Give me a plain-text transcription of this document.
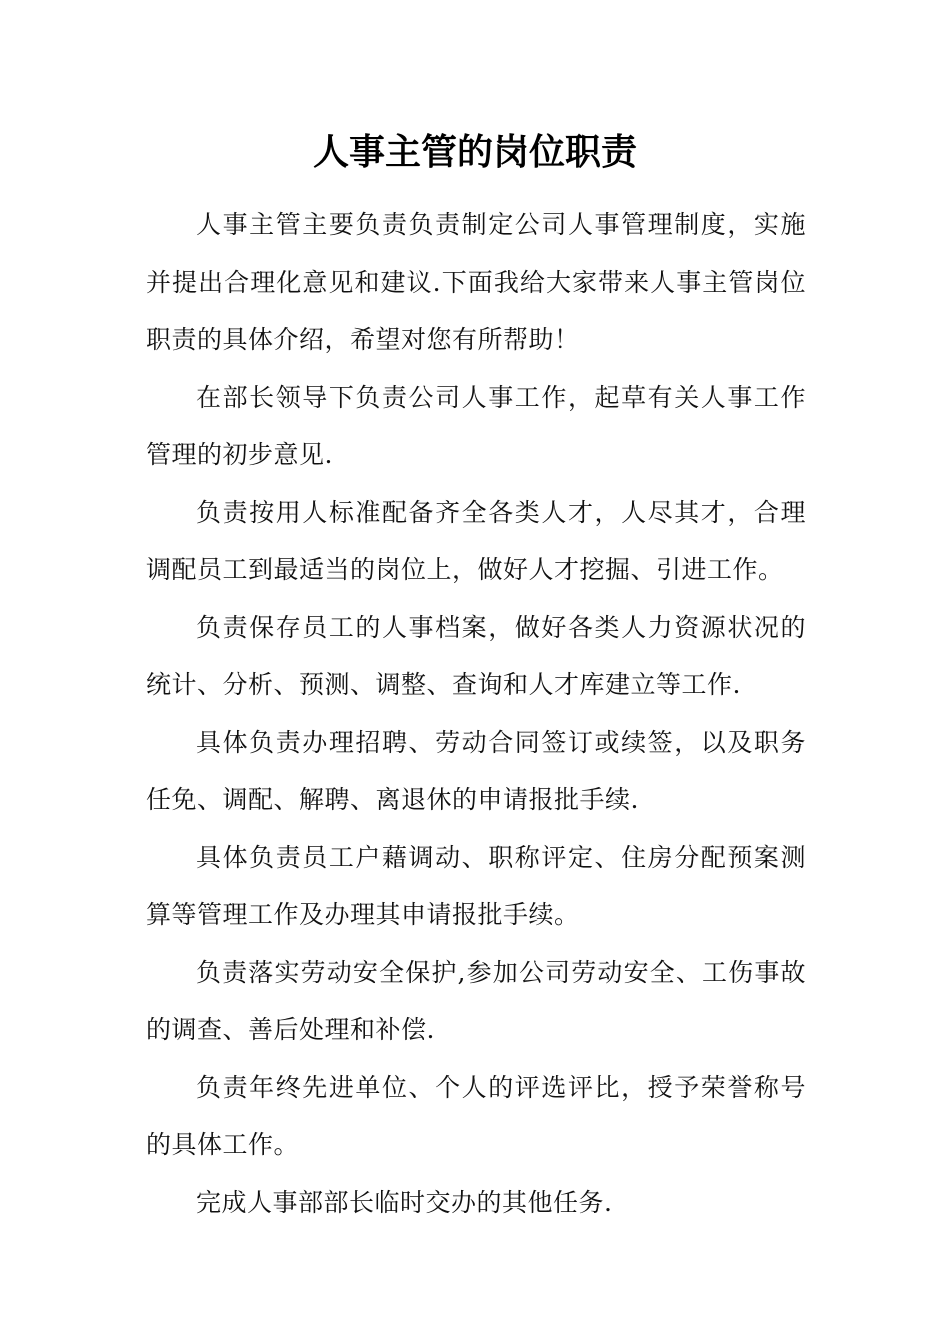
人事主管的岗位职责

人事主管主要负责负责制定公司人事管理制度，实施并提出合理化意见和建议.下面我给大家带来人事主管岗位职责的具体介绍，希望对您有所帮助！

在部长领导下负责公司人事工作，起草有关人事工作管理的初步意见.

负责按用人标准配备齐全各类人才，人尽其才，合理调配员工到最适当的岗位上，做好人才挖掘、引进工作。

负责保存员工的人事档案，做好各类人力资源状况的统计、分析、预测、调整、查询和人才库建立等工作.

具体负责办理招聘、劳动合同签订或续签，以及职务任免、调配、解聘、离退休的申请报批手续.

具体负责员工户藉调动、职称评定、住房分配预案测算等管理工作及办理其申请报批手续。

负责落实劳动安全保护,参加公司劳动安全、工伤事故的调查、善后处理和补偿.

负责年终先进单位、个人的评选评比，授予荣誉称号的具体工作。

完成人事部部长临时交办的其他任务.
